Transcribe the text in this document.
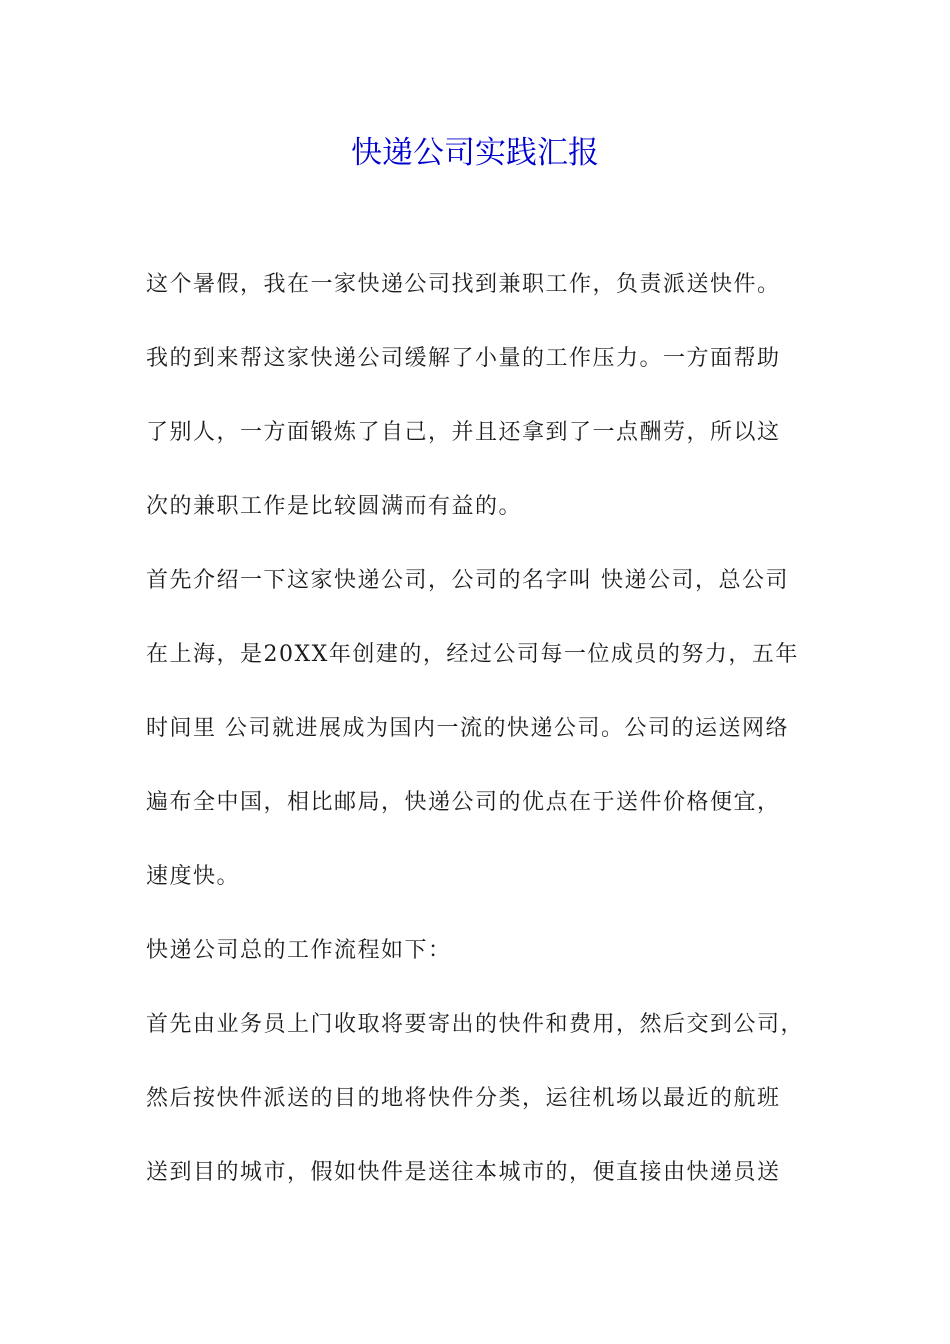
快递公司实践汇报
这个暑假，我在一家快递公司找到兼职工作，负责派送快件。
我的到来帮这家快递公司缓解了小量的工作压力。一方面帮助
了别人，一方面锻炼了自己，并且还拿到了一点酬劳，所以这
次的兼职工作是比较圆满而有益的。
首先介绍一下这家快递公司，公司的名字叫 快递公司，总公司
在上海，是20XX年创建的，经过公司每一位成员的努力，五年
时间里 公司就进展成为国内一流的快递公司。公司的运送网络
遍布全中国，相比邮局，快递公司的优点在于送件价格便宜，
速度快。
快递公司总的工作流程如下：
首先由业务员上门收取将要寄出的快件和费用，然后交到公司，
然后按快件派送的目的地将快件分类，运往机场以最近的航班
送到目的城市，假如快件是送往本城市的，便直接由快递员送
